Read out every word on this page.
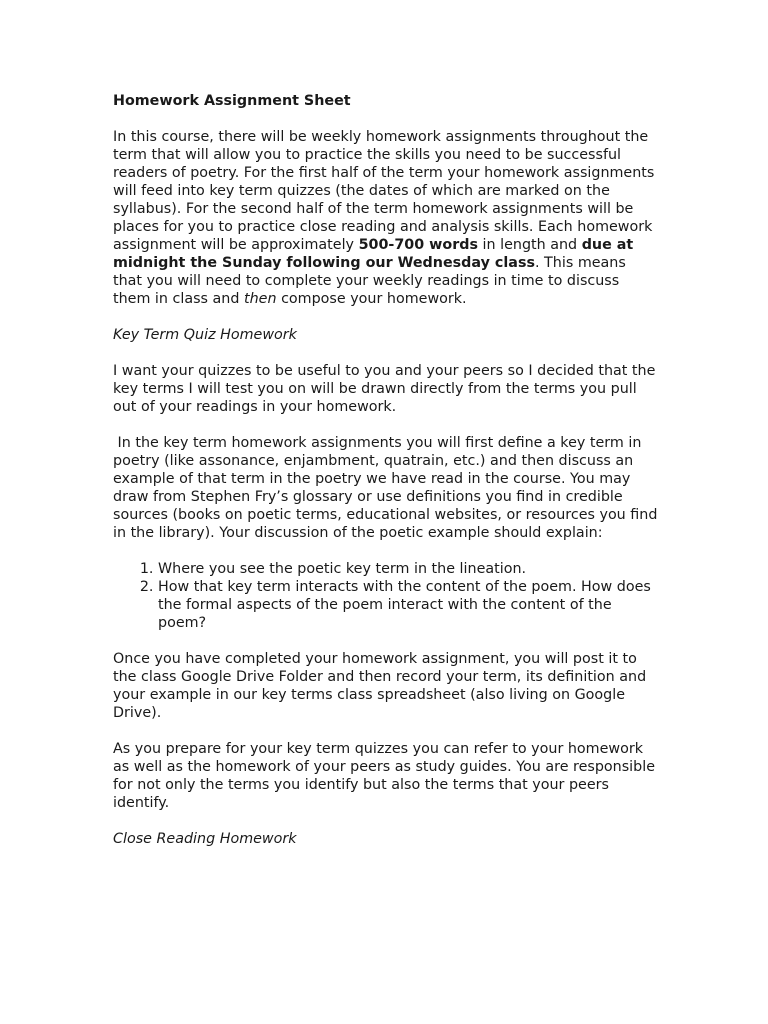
Homework Assignment Sheet

In this course, there will be weekly homework assignments throughout the term that will allow you to practice the skills you need to be successful readers of poetry. For the first half of the term your homework assignments will feed into key term quizzes (the dates of which are marked on the syllabus). For the second half of the term homework assignments will be places for you to practice close reading and analysis skills. Each homework assignment will be approximately 500-700 words in length and due at midnight the Sunday following our Wednesday class. This means that you will need to complete your weekly readings in time to discuss them in class and then compose your homework.

Key Term Quiz Homework

I want your quizzes to be useful to you and your peers so I decided that the key terms I will test you on will be drawn directly from the terms you pull out of your readings in your homework.

In the key term homework assignments you will first define a key term in poetry (like assonance, enjambment, quatrain, etc.) and then discuss an example of that term in the poetry we have read in the course. You may draw from Stephen Fry’s glossary or use definitions you find in credible sources (books on poetic terms, educational websites, or resources you find in the library). Your discussion of the poetic example should explain:

1. Where you see the poetic key term in the lineation.
2. How that key term interacts with the content of the poem. How does the formal aspects of the poem interact with the content of the poem?

Once you have completed your homework assignment, you will post it to the class Google Drive Folder and then record your term, its definition and your example in our key terms class spreadsheet (also living on Google Drive).

As you prepare for your key term quizzes you can refer to your homework as well as the homework of your peers as study guides. You are responsible for not only the terms you identify but also the terms that your peers identify.

Close Reading Homework
